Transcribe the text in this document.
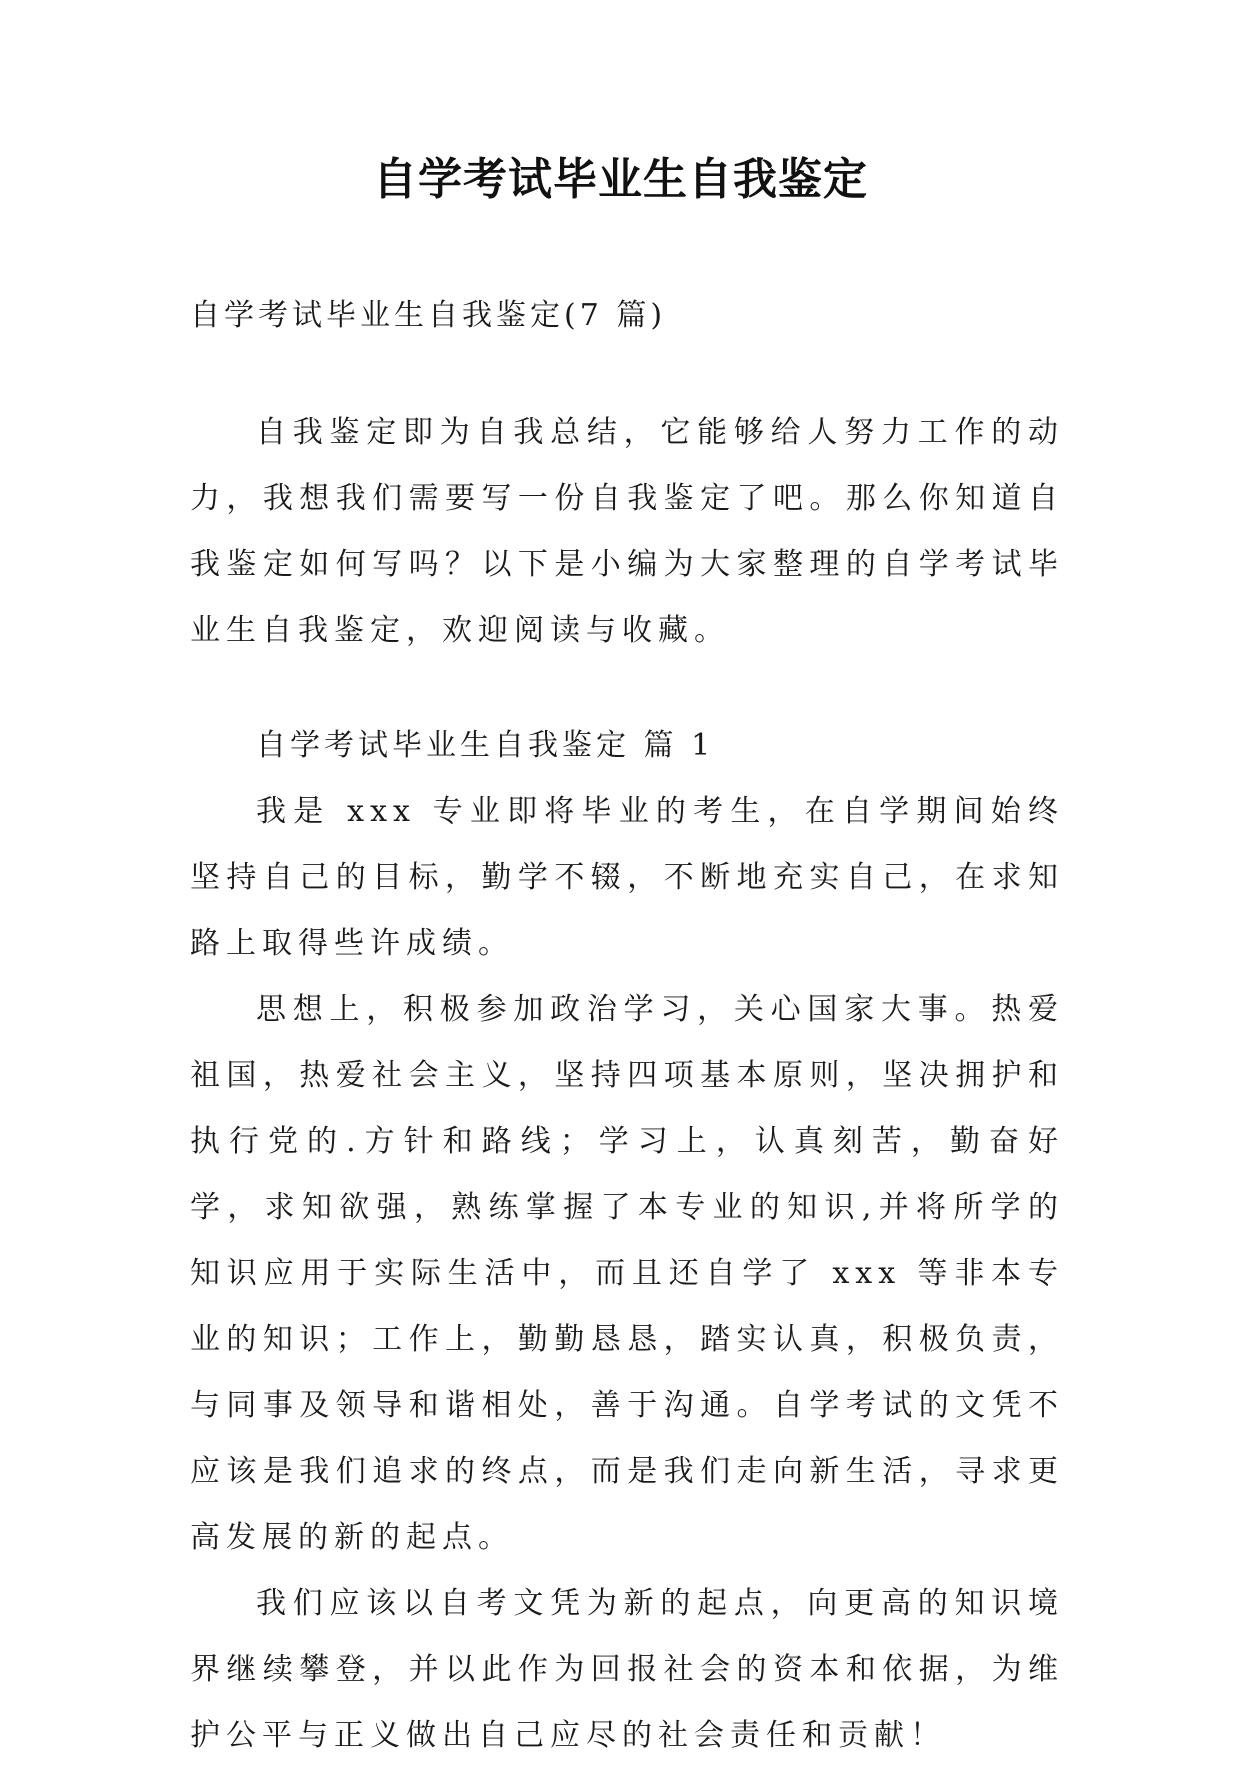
自学考试毕业生自我鉴定

自学考试毕业生自我鉴定(7 篇)

自我鉴定即为自我总结，它能够给人努力工作的动力，我想我们需要写一份自我鉴定了吧。那么你知道自我鉴定如何写吗？以下是小编为大家整理的自学考试毕业生自我鉴定，欢迎阅读与收藏。

自学考试毕业生自我鉴定 篇 1

我是 xxx 专业即将毕业的考生，在自学期间始终坚持自己的目标，勤学不辍，不断地充实自己，在求知路上取得些许成绩。

思想上，积极参加政治学习，关心国家大事。热爱祖国，热爱社会主义，坚持四项基本原则，坚决拥护和执行党的.方针和路线；学习上，认真刻苦，勤奋好学，求知欲强，熟练掌握了本专业的知识,并将所学的知识应用于实际生活中，而且还自学了 xxx 等非本专业的知识；工作上，勤勤恳恳，踏实认真，积极负责，与同事及领导和谐相处，善于沟通。自学考试的文凭不应该是我们追求的终点，而是我们走向新生活，寻求更高发展的新的起点。

我们应该以自考文凭为新的起点，向更高的知识境界继续攀登，并以此作为回报社会的资本和依据，为维护公平与正义做出自己应尽的社会责任和贡献！
